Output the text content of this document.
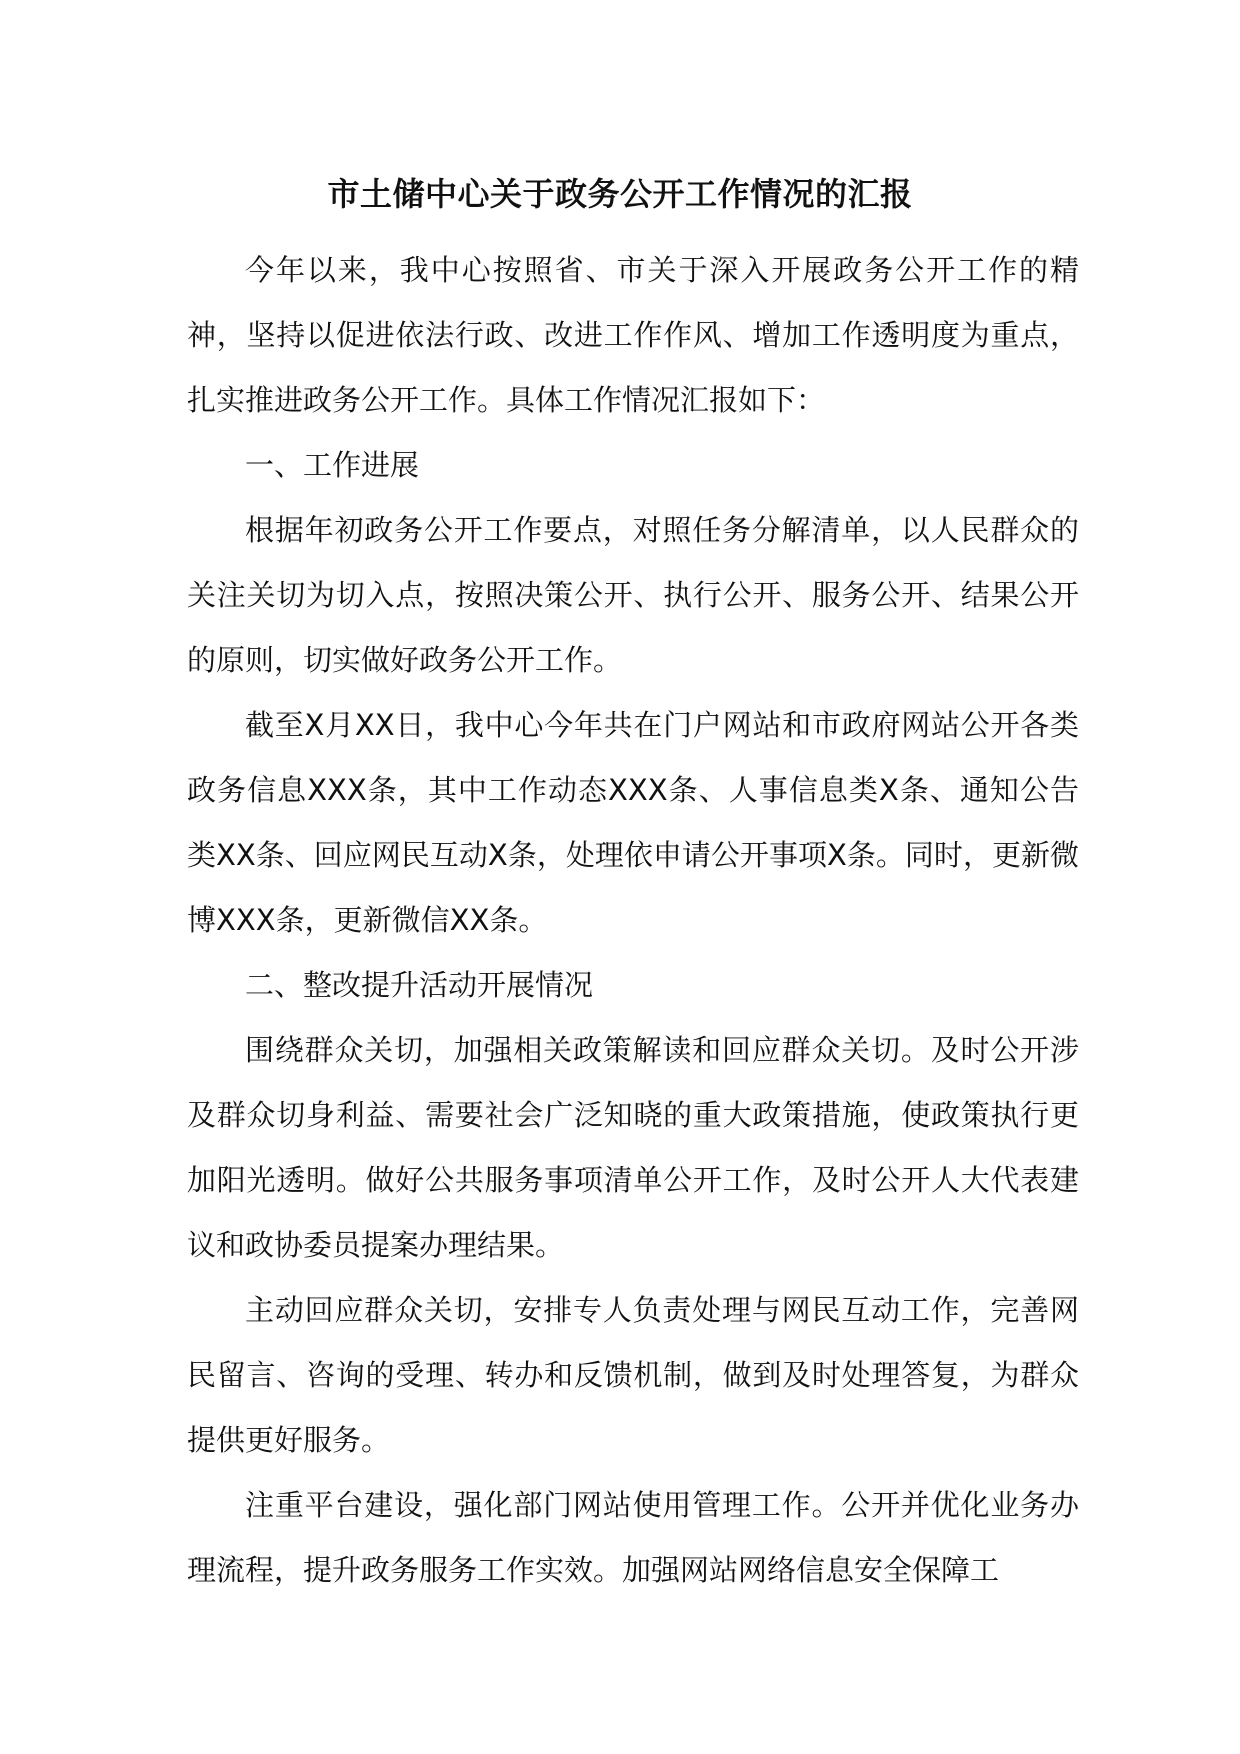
市土储中心关于政务公开工作情况的汇报

今年以来，我中心按照省、市关于深入开展政务公开工作的精神，坚持以促进依法行政、改进工作作风、增加工作透明度为重点，扎实推进政务公开工作。具体工作情况汇报如下：

一、工作进展

根据年初政务公开工作要点，对照任务分解清单，以人民群众的关注关切为切入点，按照决策公开、执行公开、服务公开、结果公开的原则，切实做好政务公开工作。

截至X月XX日，我中心今年共在门户网站和市政府网站公开各类政务信息XXX条，其中工作动态XXX条、人事信息类X条、通知公告类XX条、回应网民互动X条，处理依申请公开事项X条。同时，更新微博XXX条，更新微信XX条。

二、整改提升活动开展情况

围绕群众关切，加强相关政策解读和回应群众关切。及时公开涉及群众切身利益、需要社会广泛知晓的重大政策措施，使政策执行更加阳光透明。做好公共服务事项清单公开工作，及时公开人大代表建议和政协委员提案办理结果。

主动回应群众关切，安排专人负责处理与网民互动工作，完善网民留言、咨询的受理、转办和反馈机制，做到及时处理答复，为群众提供更好服务。

注重平台建设，强化部门网站使用管理工作。公开并优化业务办理流程，提升政务服务工作实效。加强网站网络信息安全保障工
